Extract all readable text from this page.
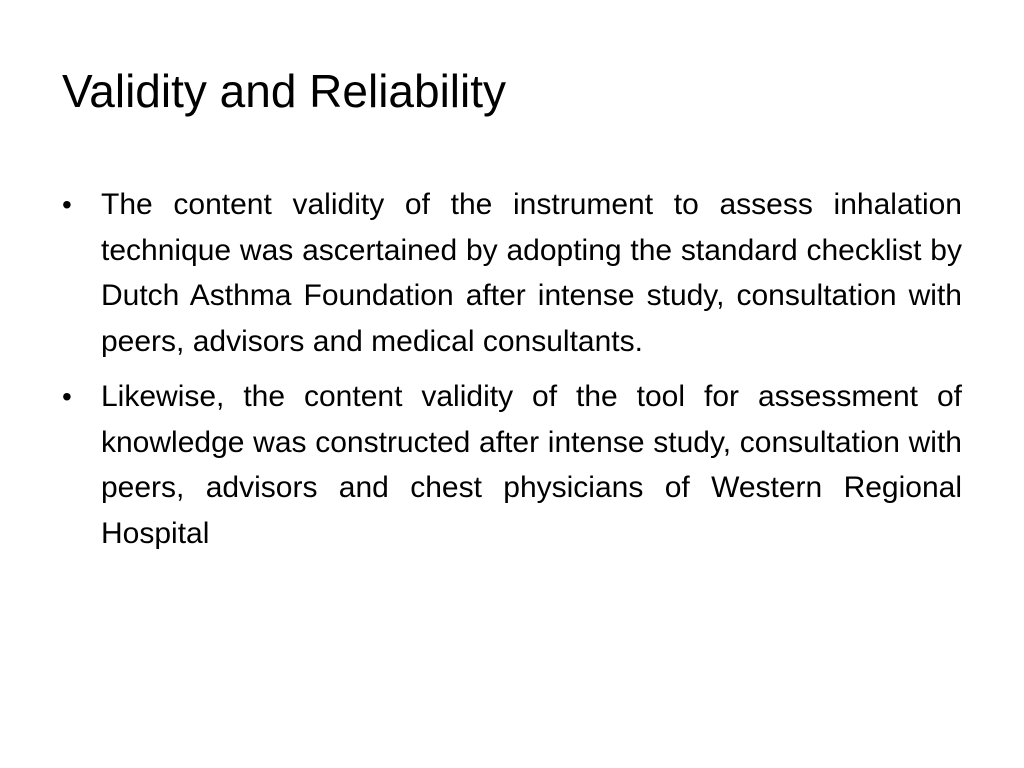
Validity and Reliability
• The content validity of the instrument to assess inhalation technique was ascertained by adopting the standard checklist by Dutch Asthma Foundation after intense study, consultation with peers, advisors and medical consultants.
• Likewise, the content validity of the tool for assessment of knowledge was constructed after intense study, consultation with peers, advisors and chest physicians of Western Regional Hospital
